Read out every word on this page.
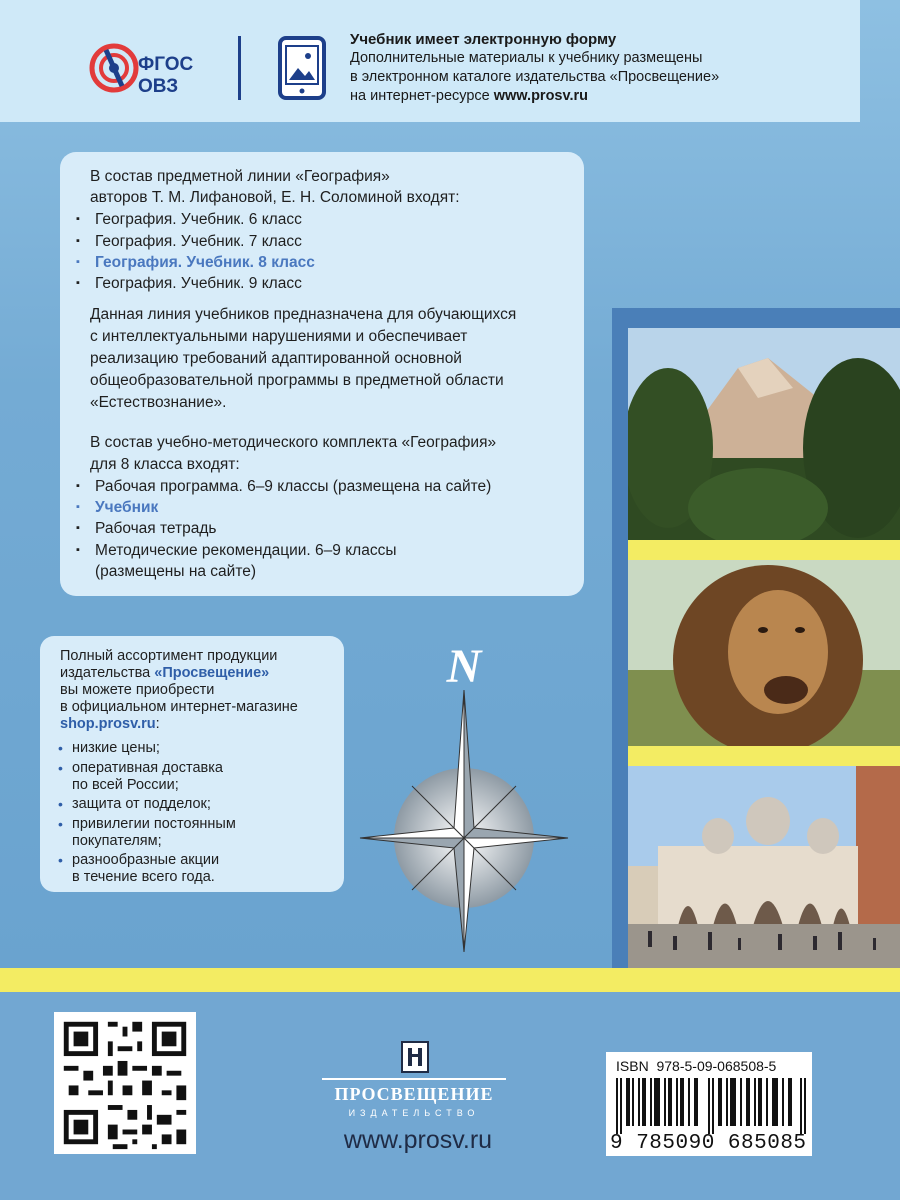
ФГОС
ОВЗ
Учебник имеет электронную форму
Дополнительные материалы к учебнику размещены
в электронном каталоге издательства «Просвещение»
на интернет-ресурсе www.prosv.ru
В состав предметной линии «География»
авторов Т. М. Лифановой, Е. Н. Соломиной входят:
География. Учебник. 6 класс
География. Учебник. 7 класс
География. Учебник. 8 класс
География. Учебник. 9 класс
Данная линия учебников предназначена для обучающихся
с интеллектуальными нарушениями и обеспечивает
реализацию требований адаптированной основной
общеобразовательной программы в предметной области
«Естествознание».
В состав учебно-методического комплекта «География»
для 8 класса входят:
Рабочая программа. 6–9 классы (размещена на сайте)
Учебник
Рабочая тетрадь
Методические рекомендации. 6–9 классы
(размещены на сайте)
Полный ассортимент продукции
издательства «Просвещение»
вы можете приобрести
в официальном интернет-магазине
shop.prosv.ru:
• низкие цены;
• оперативная доставка
по всей России;
• защита от подделок;
• привилегии постоянным
покупателям;
• разнообразные акции
в течение всего года.
N
ПРОСВЕЩЕНИЕ
ИЗДАТЕЛЬСТВО
www.prosv.ru
ISBN 978-5-09-068508-5
9 785090 685085
